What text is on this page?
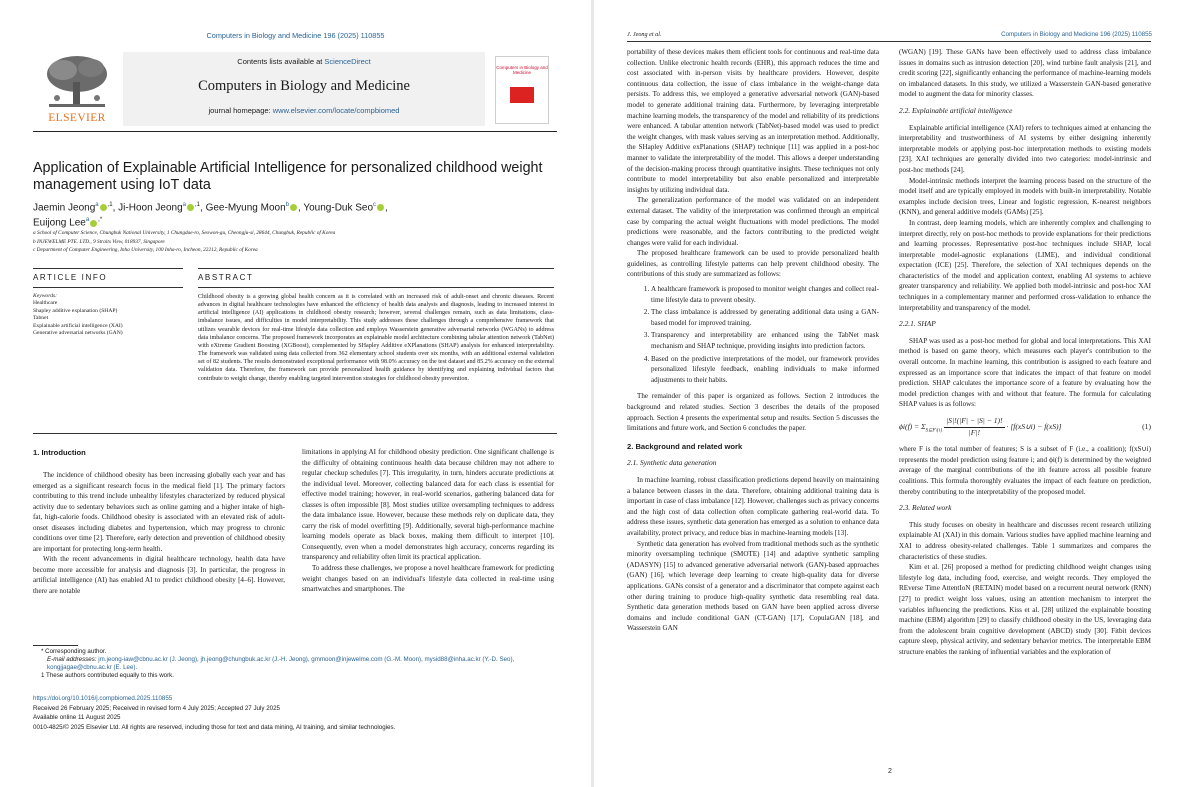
Computers in Biology and Medicine 196 (2025) 110855
ELSEVIER
Contents lists available at ScienceDirect
Computers in Biology and Medicine
journal homepage: www.elsevier.com/locate/compbiomed
Computers in Biology and Medicine
Application of Explainable Artificial Intelligence for personalized childhood weight management using IoT data
Jaemin Jeong$^a$ $^{,1}$, Ji-Hoon Jeong$^a$ $^{,1}$, Gee-Myung Moon$^b$ , Young-Duk Seo$^c$ ,
Euijong Lee$^a$ ,*
a School of Computer Science, Chungbuk National University, 1 Chungdae-ro, Seowon-gu, Cheongju-si, 28644, Chungbuk, Republic of Korea
b INJEWELME PTE. LTD., 9 Straits View, 018937, Singapore
c Department of Computer Engineering, Inha University, 100 Inha-ro, Incheon, 22212, Republic of Korea
ARTICLE INFO	ABSTRACT
Keywords:
Healthcare
Shapley additive explanation (SHAP)
Tabnet
Explainable artificial intelligence (XAI)
Generative adversarial networks (GAN)
Childhood obesity is a growing global health concern as it is correlated with an increased risk of adult-onset and chronic diseases. Recent advances in digital healthcare technologies have enhanced the efficiency of health data analysis and diagnosis, leading to increased interest in artificial intelligence (AI) applications in childhood obesity research; however, several challenges remain, such as data limitations, class-imbalance issues, and difficulties in model interpretability. This study addresses these challenges through a comprehensive framework that utilizes wearable devices for real-time lifestyle data collection and employs Wasserstein generative adversarial networks (WGANs) to address data imbalance concerns. The proposed framework incorporates an explainable model architecture combining tabular attention network (TabNet) with eXtreme Gradient Boosting (XGBoost), complemented by SHapley Additive eXPlanations (SHAP) analysis for enhanced interpretability. The framework was validated using data collected from 362 elementary school students over six months, with an additional external validation set of 82 students. The results demonstrated exceptional performance with 98.0% accuracy on the test dataset and 85.2% accuracy on the external validation data. Therefore, the framework can provide personalized health guidance by identifying and explaining individual factors that contribute to weight change, thereby enabling targeted intervention strategies for childhood obesity prevention.
1. Introduction

The incidence of childhood obesity has been increasing globally each year and has emerged as a significant research focus in the medical field [1]. The primary factors contributing to this trend include unhealthy lifestyles characterized by reduced physical activity due to sedentary behaviors such as online gaming and a higher intake of high-fat, high-calorie foods. Childhood obesity is associated with an elevated risk of adult-onset diseases including diabetes and hypertension, which may progress to chronic conditions over time [2]. Therefore, early detection and prevention of childhood obesity are important for protecting long-term health.

With the recent advancements in digital healthcare technology, health data have become more accessible for analysis and diagnosis [3]. In particular, the progress in artificial intelligence (AI) has enabled AI to predict childhood obesity [4–6]. However, there are notable

limitations in applying AI for childhood obesity prediction. One significant challenge is the difficulty of obtaining continuous health data because children may not adhere to regular checkup schedules [7]. This irregularity, in turn, hinders accurate predictions at the individual level. Moreover, collecting balanced data for each class is essential for effective model training; however, in real-world scenarios, gathering balanced data for classes is often impossible [8]. Most studies utilize oversampling techniques to address the data imbalance issue. However, because these methods rely on duplicate data, they carry the risk of model overfitting [9]. Additionally, several high-performance machine learning models operate as black boxes, making them difficult to interpret [10]. Consequently, even when a model demonstrates high accuracy, concerns regarding its transparency and reliability often limit its practical application.

To address these challenges, we propose a novel healthcare framework for predicting weight changes based on an individual's lifestyle data collected in real-time using smartwatches and smartphones. The

* Corresponding author.
E-mail addresses: jm.jeong-iaw@cbnu.ac.kr (J. Jeong), jh.jeong@chungbuk.ac.kr (J.-H. Jeong), gmmoon@injewelme.com (G.-M. Moon), mysid88@inha.ac.kr (Y.-D. Seo), kongjjagae@cbnu.ac.kr (E. Lee).
1 These authors contributed equally to this work.
https://doi.org/10.1016/j.compbiomed.2025.110855
Received 26 February 2025; Received in revised form 4 July 2025; Accepted 27 July 2025
Available online 11 August 2025
0010-4825/© 2025 Elsevier Ltd. All rights are reserved, including those for text and data mining, AI training, and similar technologies.
J. Jeong et al.	Computers in Biology and Medicine 196 (2025) 110855

portability of these devices makes them efficient tools for continuous and real-time data collection. Unlike electronic health records (EHR), this approach reduces the time and cost associated with in-person visits by healthcare providers. However, despite continuous data collection, the issue of class imbalance in the weight-change data persists. To address this, we employed a generative adversarial network (GAN)-based model to generate additional training data. Furthermore, by leveraging interpretable machine learning models, the transparency of the model and reliability of its predictions were enhanced. A tabular attention network (TabNet)-based model was used to predict the weight changes, with mask values serving as an interpretation method. Additionally, the SHapley Additive exPlanations (SHAP) technique [11] was applied in a post-hoc manner to validate the interpretability of the model. This allows a deeper understanding of the decision-making process through quantitative insights. These techniques not only contribute to model interpretability but also enable personalized and interpretable insights by utilizing individual data.

The generalization performance of the model was validated on an independent external dataset. The validity of the interpretation was confirmed through an empirical case by comparing the actual weight fluctuations with model predictions. The model predictions were reasonable, and the factors contributing to the predicted weight changes were valid for each individual.

The proposed healthcare framework can be used to provide personalized health guidelines, as controlling lifestyle patterns can help prevent childhood obesity. The contributions of this study are summarized as follows:

1. A healthcare framework is proposed to monitor weight changes and collect real-time lifestyle data to prevent obesity.
2. The class imbalance is addressed by generating additional data using a GAN-based model for improved training.
3. Transparency and interpretability are enhanced using the TabNet mask mechanism and SHAP technique, providing insights into prediction factors.
4. Based on the predictive interpretations of the model, our framework provides personalized lifestyle feedback, enabling individuals to make informed adjustments to their habits.

The remainder of this paper is organized as follows. Section 2 introduces the background and related studies. Section 3 describes the details of the proposed approach. Section 4 presents the experimental setup and results. Section 5 discusses the limitations and future work, and Section 6 concludes the paper.

2. Background and related work

2.1. Synthetic data generation

In machine learning, robust classification predictions depend heavily on maintaining a balance between classes in the data. Therefore, obtaining additional training data is important in case of class imbalance [12]. However, challenges such as privacy concerns and the high cost of data collection often complicate gathering real-world data. To address these issues, synthetic data generation has emerged as a solution to enhance data availability, protect privacy, and reduce bias in machine-learning models [13].

Synthetic data generation has evolved from traditional methods such as the synthetic minority oversampling technique (SMOTE) [14] and adaptive synthetic sampling (ADASYN) [15] to advanced generative adversarial network (GAN)-based approaches (GAN) [16], which leverage deep learning to create high-quality data for diverse applications. GANs consist of a generator and a discriminator that compete against each other during training to produce high-quality synthetic data resembling real data. Synthetic data generation methods based on GAN have been applied across diverse domains and include conditional GAN (CT-GAN) [17], CopulaGAN [18], and Wasserstein GAN

(WGAN) [19]. These GANs have been effectively used to address class imbalance issues in domains such as intrusion detection [20], wind turbine fault analysis [21], and credit scoring [22], significantly enhancing the performance of machine-learning models on imbalanced datasets. In this study, we utilized a Wasserstein GAN-based generative model to augment the data for minority classes.

2.2. Explainable artificial intelligence

Explainable artificial intelligence (XAI) refers to techniques aimed at enhancing the interpretability and trustworthiness of AI systems by either designing inherently interpretable models or applying post-hoc interpretation methods to existing models [23]. XAI techniques are generally divided into two categories: model-intrinsic and post-hoc methods [24].

Model-intrinsic methods interpret the learning process based on the structure of the model itself and are typically employed in models with built-in interpretability. Notable examples include decision trees, Linear and logistic regression, K-nearest neighbors (KNN), and general additive models (GAMs) [25].

In contrast, deep learning models, which are inherently complex and challenging to interpret directly, rely on post-hoc methods to provide explanations for their predictions and learning processes. Representative post-hoc techniques include SHAP, local interpretable model-agnostic explanations (LIME), and individual conditional expectation (ICE) [25]. Therefore, the selection of XAI techniques depends on the characteristics of the model and application context, enabling AI systems to achieve greater transparency and reliability. We applied both model-intrinsic and post-hoc XAI techniques in a complementary manner and performed cross-validation to enhance the interpretability and transparency of the model.

2.2.1. SHAP

SHAP was used as a post-hoc method for global and local interpretations. This XAI method is based on game theory, which measures each player's contribution to the overall outcome. In machine learning, this contribution is assigned to each feature and expressed as an importance score that indicates the impact of that feature on model prediction. SHAP calculates the importance score of a feature by evaluating how the model prediction changes with and without that feature. The formula for calculating SHAP values is as follows:

$\phi i(f) = \Sigma_{S⊆F\backslash\{i\}} \frac{|S|!(|F| - |S| - 1)!}{|F|!}$ · [f(xS∪i) − f(xS)]	(1)

where F is the total number of features; S is a subset of F (i.e., a coalition); f(xS∪i) represents the model prediction using feature i; and ϕi(f) is determined by the weighted average of the marginal contributions of the ith feature across all possible feature coalitions. This formula thoroughly evaluates the impact of each feature on prediction, thereby contributing to the interpretability of the proposed model.

2.3. Related work

This study focuses on obesity in healthcare and discusses recent research utilizing explainable AI (XAI) in this domain. Various studies have applied machine learning and XAI to address obesity-related challenges. Table 1 summarizes and compares the characteristics of these studies.

Kim et al. [26] proposed a method for predicting childhood weight changes using lifestyle log data, including food, exercise, and weight records. They employed the REverse Time AttentIoN (RETAIN) model based on a recurrent neural network (RNN) [27] to predict weight loss values, using an attention mechanism to interpret the variables influencing the predictions. Kiss et al. [28] utilized the explainable boosting machine (EBM) algorithm [29] to classify childhood obesity in the US, leveraging data from the adolescent brain cognitive development (ABCD) study [30]. Fitbit devices capture sleep, physical activity, and sedentary behavior metrics. The interpretable EBM structure enables the ranking of influential variables and the exploration of

2
